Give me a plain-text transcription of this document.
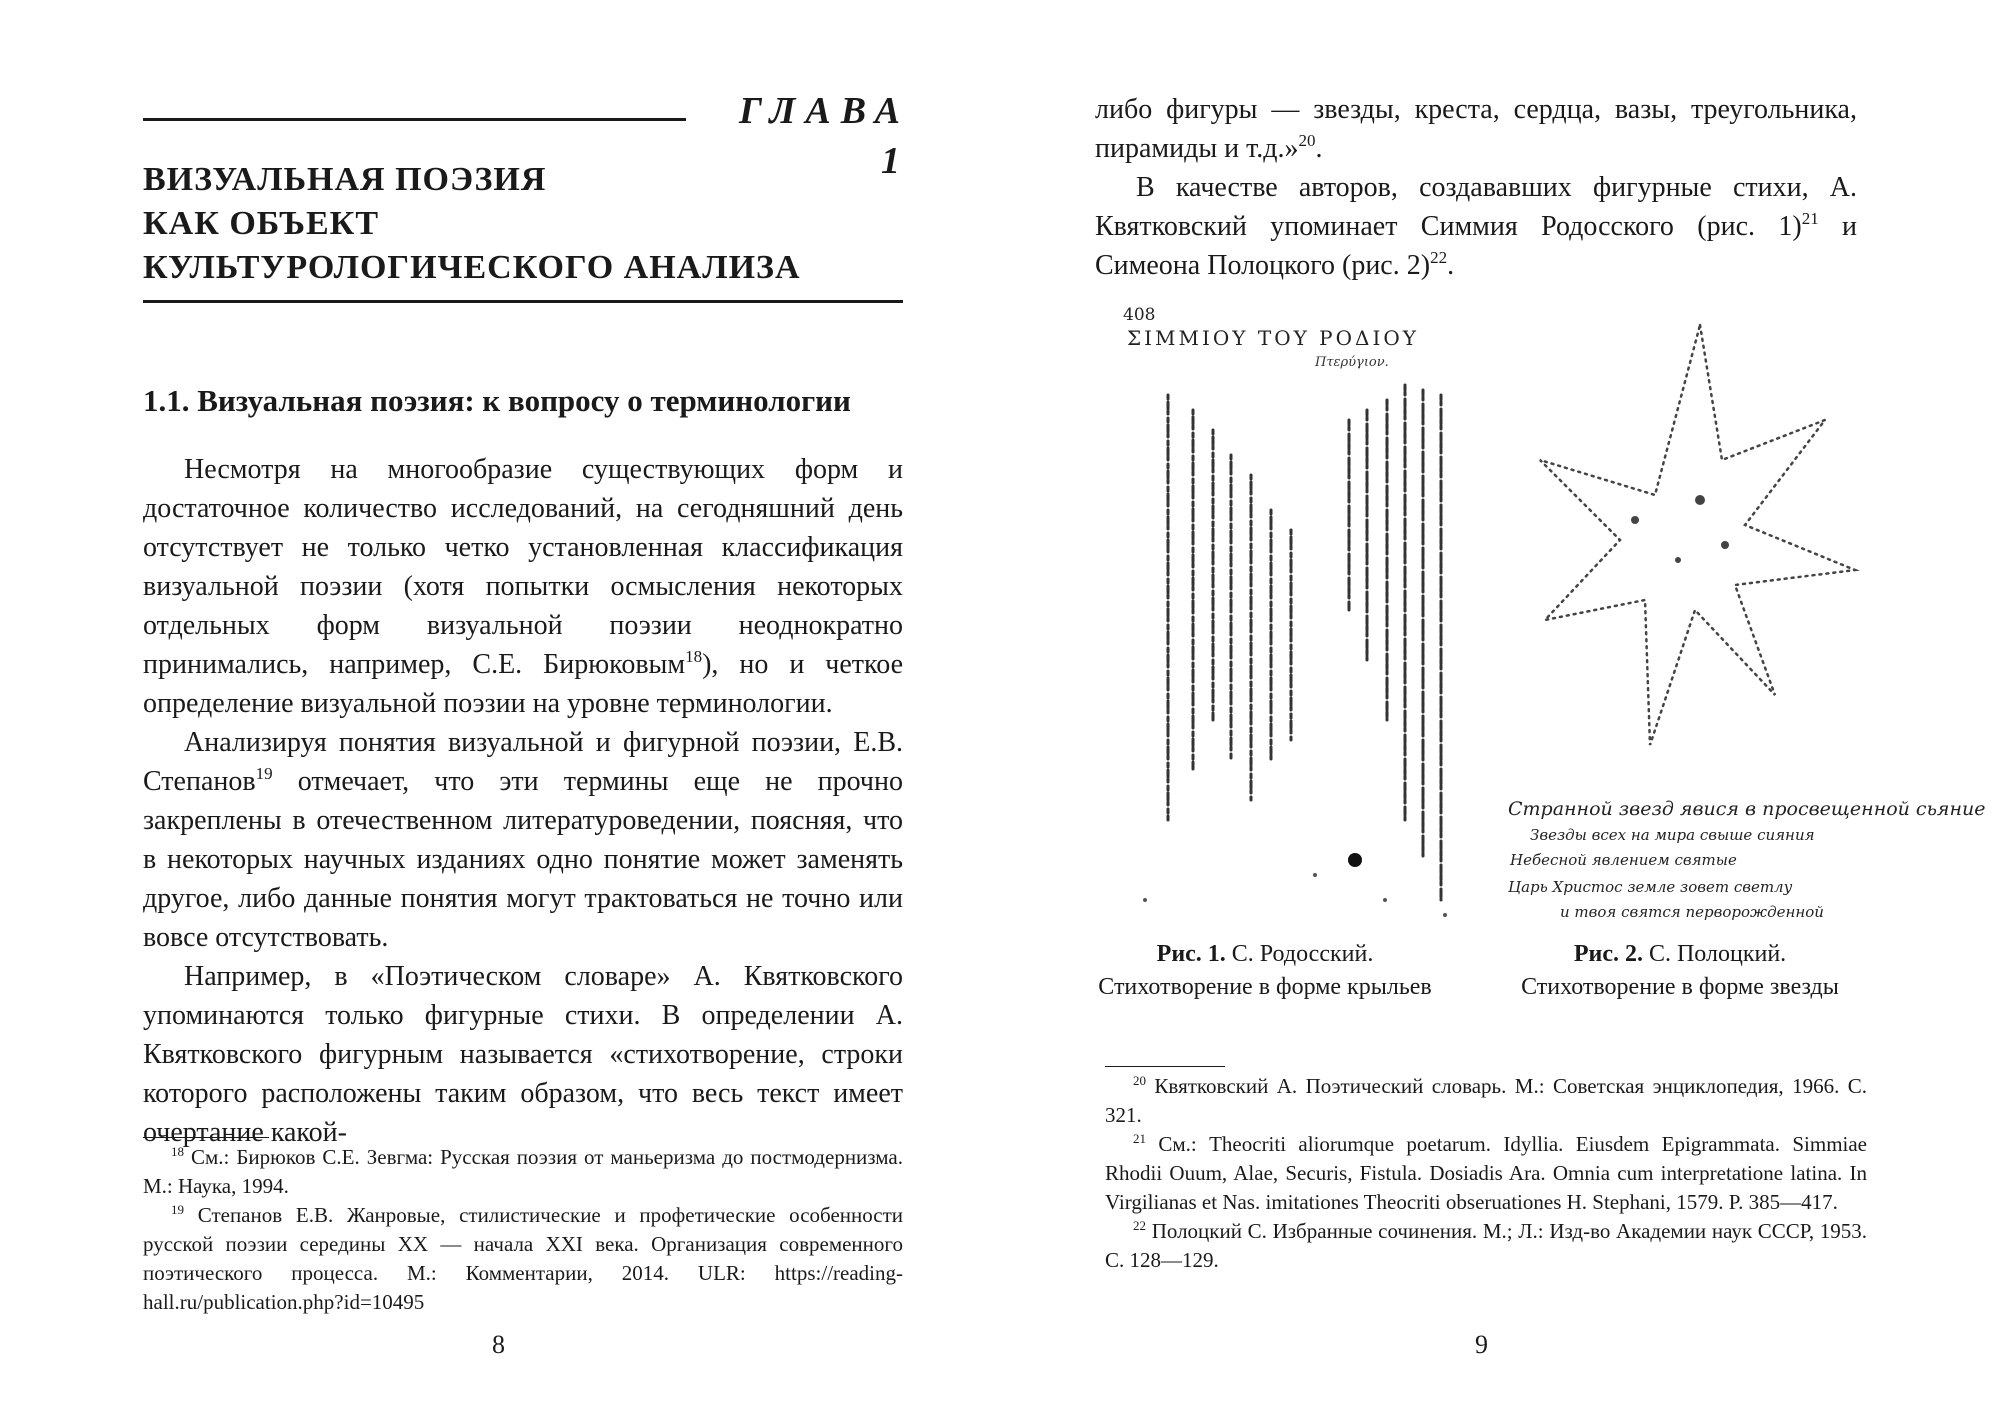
ГЛАВА 1
ВИЗУАЛЬНАЯ ПОЭЗИЯ
КАК ОБЪЕКТ
КУЛЬТУРОЛОГИЧЕСКОГО АНАЛИЗА
1.1. Визуальная поэзия: к вопросу о терминологии

Несмотря на многообразие существующих форм и достаточное количество исследований, на сегодняшний день отсутствует не только четко установленная классификация визуальной поэзии (хотя попытки осмысления некоторых отдельных форм визуальной поэзии неоднократно принимались, например, С.Е. Бирюковым$^{18}$), но и четкое определение визуальной поэзии на уровне терминологии.

Анализируя понятия визуальной и фигурной поэзии, Е.В. Степанов$^{19}$ отмечает, что эти термины еще не прочно закреплены в отечественном литературоведении, поясняя, что в некоторых научных изданиях одно понятие может заменять другое, либо данные понятия могут трактоваться не точно или вовсе отсутствовать.

Например, в «Поэтическом словаре» А. Квятковского упоминаются только фигурные стихи. В определении А. Квятковского фигурным называется «стихотворение, строки которого расположены таким образом, что весь текст имеет очертание какой-

$^{18}$ См.: Бирюков С.Е. Зевгма: Русская поэзия от маньеризма до постмодернизма. М.: Наука, 1994.

$^{19}$ Степанов Е.В. Жанровые, стилистические и профетические особенности русской поэзии середины XX — начала XXI века. Организация современного поэтического процесса. М.: Комментарии, 2014. ULR: https://reading-hall.ru/publication.php?id=10495

8

либо фигуры — звезды, креста, сердца, вазы, треугольника, пирамиды и т.д.»$^{20}$.

В качестве авторов, создававших фигурные стихи, А. Квятковский упоминает Симмия Родосского (рис. 1)$^{21}$ и Симеона Полоцкого (рис. 2)$^{22}$.

408
ΣΙΜΜΙΟΥ ΤΟΥ ΡΟΔΙΟΥ
Πτερύγιον.
Рис. 1. С. Родосский.
Стихотворение в форме крыльев
Странной звезд явися в просвещенной сьяние
Звезды всех на мира свыше сияния
Небесной явлением святые
Царь Христос земле зовет светлу
и твоя святся перворожденной
Рис. 2. С. Полоцкий.
Стихотворение в форме звезды

$^{20}$ Квятковский А. Поэтический словарь. М.: Советская энциклопедия, 1966. С. 321.

$^{21}$ См.: Theocriti aliorumque poetarum. Idyllia. Eiusdem Epigrammata. Simmiae Rhodii Ouum, Alae, Securis, Fistula. Dosiadis Ara. Omnia cum interpretatione latina. In Virgilianas et Nas. imitationes Theocriti obseruationes H. Stephani, 1579. P. 385—417.

$^{22}$ Полоцкий С. Избранные сочинения. М.; Л.: Изд-во Академии наук СССР, 1953. С. 128—129.

9
